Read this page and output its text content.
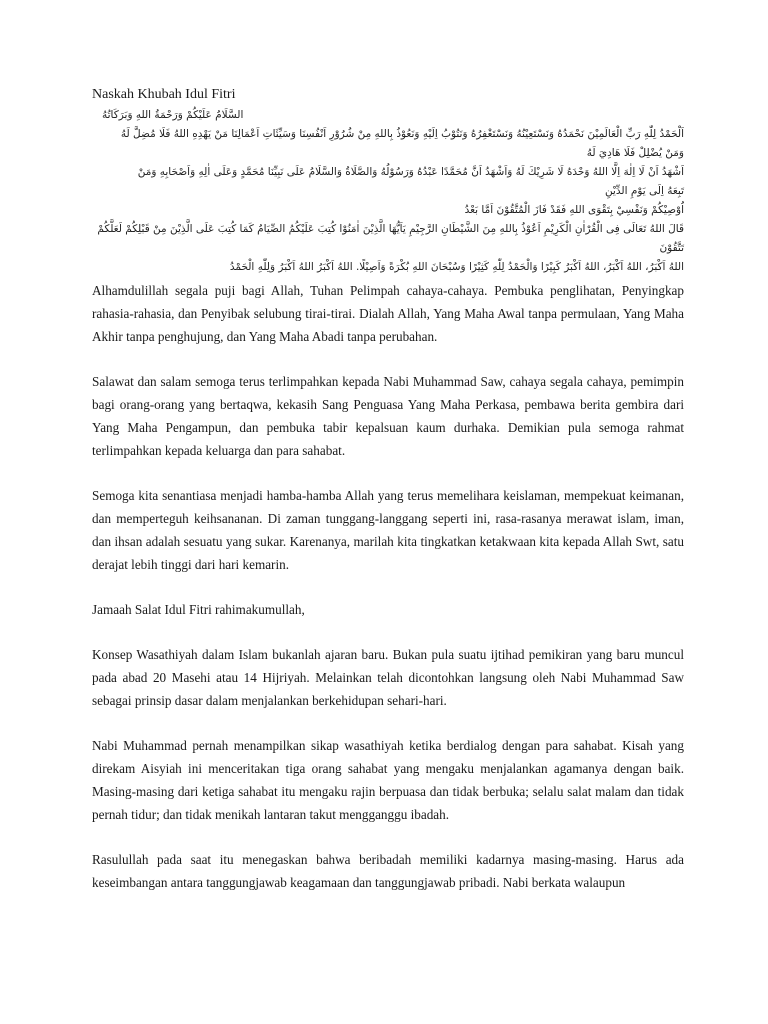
Naskah Khubah Idul Fitri

السَّلَامُ عَلَيْكُمْ وَرَحْمَةُ اللهِ وَبَرَكَاتُهُ

اَلْحَمْدُ لِلّٰهِ رَبِّ الْعَالَمِيْنَ نَحْمَدُهُ وَنَسْتَعِيْنُهُ وَنَسْتَغْفِرُهُ وَنَتُوْبُ اِلَيْهِ وَنَعُوْذُ بِاللهِ مِنْ شُرُوْرِ اَنْفُسِنَا وَسَيِّئَاتِ اَعْمَالِنَا مَنْ يَهْدِهِ اللهُ فَلَا مُضِلَّ لَهُ

وَمَنْ يُضْلِلْ فَلَا هَادِيَ لَهُ

اَشْهَدُ اَنْ لَا اِلٰهَ اِلَّا اللهُ وَحْدَهُ لَا شَرِيْكَ لَهُ وَاَشْهَدُ اَنَّ مُحَمَّدًا عَبْدُهُ وَرَسُوْلُهُ وَالصَّلَاةُ وَالسَّلَامُ عَلَى نَبِيِّنَا مُحَمَّدٍ وَعَلَى اٰلِهِ وَاَصْحَابِهِ وَمَنْ

تَبِعَهُ اِلَى يَوْمِ الدِّيْنِ

اُوْصِيْكُمْ وَنَفْسِيْ بِتَقْوَى اللهِ فَقَدْ فَازَ الْمُتَّقُوْنَ اَمَّا بَعْدُ

قَالَ اللهُ تَعَالَى فِى الْقُرْاٰنِ الْكَرِيْمِ اَعُوْذُ بِاللهِ مِنَ الشَّيْطَانِ الرَّجِيْمِ يَاَيُّهَا الَّذِيْنَ اٰمَنُوْا كُتِبَ عَلَيْكُمُ الصِّيَامُ كَمَا كُتِبَ عَلَى الَّذِيْنَ مِنْ قَبْلِكُمْ لَعَلَّكُمْ

تَتَّقُوْنَ

اللهُ اَكْبَرُ، اللهُ اَكْبَرُ، اللهُ اَكْبَرُ كَبِيْرًا وَالْحَمْدُ لِلّٰهِ كَثِيْرًا وَسُبْحَانَ اللهِ بُكْرَةً وَاَصِيْلًا. اللهُ اَكْبَرُ اللهُ اَكْبَرُ وَلِلّٰهِ الْحَمْدُ

Alhamdulillah segala puji bagi Allah, Tuhan Pelimpah cahaya-cahaya. Pembuka penglihatan, Penyingkap rahasia-rahasia, dan Penyibak selubung tirai-tirai. Dialah Allah, Yang Maha Awal tanpa permulaan, Yang Maha Akhir tanpa penghujung, dan Yang Maha Abadi tanpa perubahan.

Salawat dan salam semoga terus terlimpahkan kepada Nabi Muhammad Saw, cahaya segala cahaya, pemimpin bagi orang-orang yang bertaqwa, kekasih Sang Penguasa Yang Maha Perkasa, pembawa berita gembira dari Yang Maha Pengampun, dan pembuka tabir kepalsuan kaum durhaka. Demikian pula semoga rahmat terlimpahkan kepada keluarga dan para sahabat.

Semoga kita senantiasa menjadi hamba-hamba Allah yang terus memelihara keislaman, mempekuat keimanan, dan memperteguh keihsananan. Di zaman tunggang-langgang seperti ini, rasa-rasanya merawat islam, iman, dan ihsan adalah sesuatu yang sukar. Karenanya, marilah kita tingkatkan ketakwaan kita kepada Allah Swt, satu derajat lebih tinggi dari hari kemarin.

Jamaah Salat Idul Fitri rahimakumullah,

Konsep Wasathiyah dalam Islam bukanlah ajaran baru. Bukan pula suatu ijtihad pemikiran yang baru muncul pada abad 20 Masehi atau 14 Hijriyah. Melainkan telah dicontohkan langsung oleh Nabi Muhammad Saw sebagai prinsip dasar dalam menjalankan berkehidupan sehari-hari.

Nabi Muhammad pernah menampilkan sikap wasathiyah ketika berdialog dengan para sahabat. Kisah yang direkam Aisyiah ini menceritakan tiga orang sahabat yang mengaku menjalankan agamanya dengan baik. Masing-masing dari ketiga sahabat itu mengaku rajin berpuasa dan tidak berbuka; selalu salat malam dan tidak pernah tidur; dan tidak menikah lantaran takut mengganggu ibadah.

Rasulullah pada saat itu menegaskan bahwa beribadah memiliki kadarnya masing-masing. Harus ada keseimbangan antara tanggungjawab keagamaan dan tanggungjawab pribadi. Nabi berkata walaupun
